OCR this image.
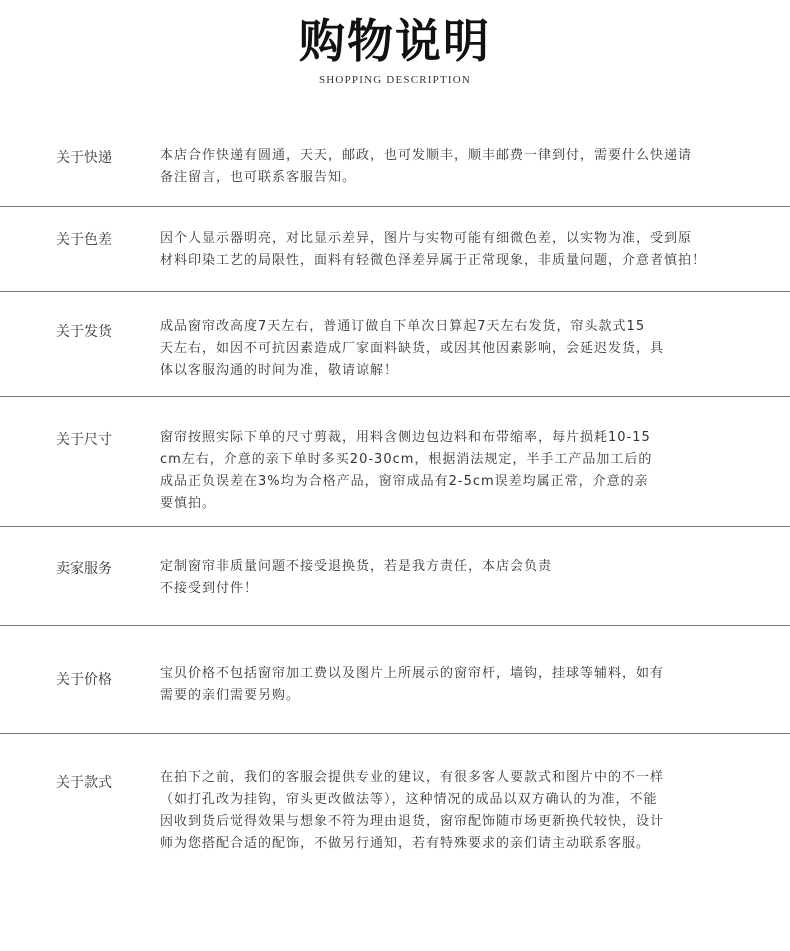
购物说明
SHOPPING DESCRIPTION
关于快递	本店合作快递有圆通，天天，邮政，也可发顺丰，顺丰邮费一律到付，需要什么快递请
备注留言，也可联系客服告知。
关于色差	因个人显示器明亮，对比显示差异，图片与实物可能有细微色差，以实物为准，受到原
材料印染工艺的局限性，面料有轻微色泽差异属于正常现象，非质量问题，介意者慎拍！
关于发货	成品窗帘改高度7天左右，普通订做自下单次日算起7天左右发货，帘头款式15
天左右，如因不可抗因素造成厂家面料缺货，或因其他因素影响，会延迟发货，具
体以客服沟通的时间为准，敬请谅解！
关于尺寸	窗帘按照实际下单的尺寸剪裁，用料含侧边包边料和布带缩率，每片损耗10-15
cm左右，介意的亲下单时多买20-30cm，根据消法规定，半手工产品加工后的
成品正负误差在3%均为合格产品，窗帘成品有2-5cm误差均属正常，介意的亲
要慎拍。
卖家服务	定制窗帘非质量问题不接受退换货，若是我方责任，本店会负责
不接受到付件！
关于价格	宝贝价格不包括窗帘加工费以及图片上所展示的窗帘杆，墙钩，挂球等辅料，如有
需要的亲们需要另购。
关于款式	在拍下之前，我们的客服会提供专业的建议，有很多客人要款式和图片中的不一样
（如打孔改为挂钩，帘头更改做法等），这种情况的成品以双方确认的为准，不能
因收到货后觉得效果与想象不符为理由退货，窗帘配饰随市场更新换代较快，设计
师为您搭配合适的配饰，不做另行通知，若有特殊要求的亲们请主动联系客服。
